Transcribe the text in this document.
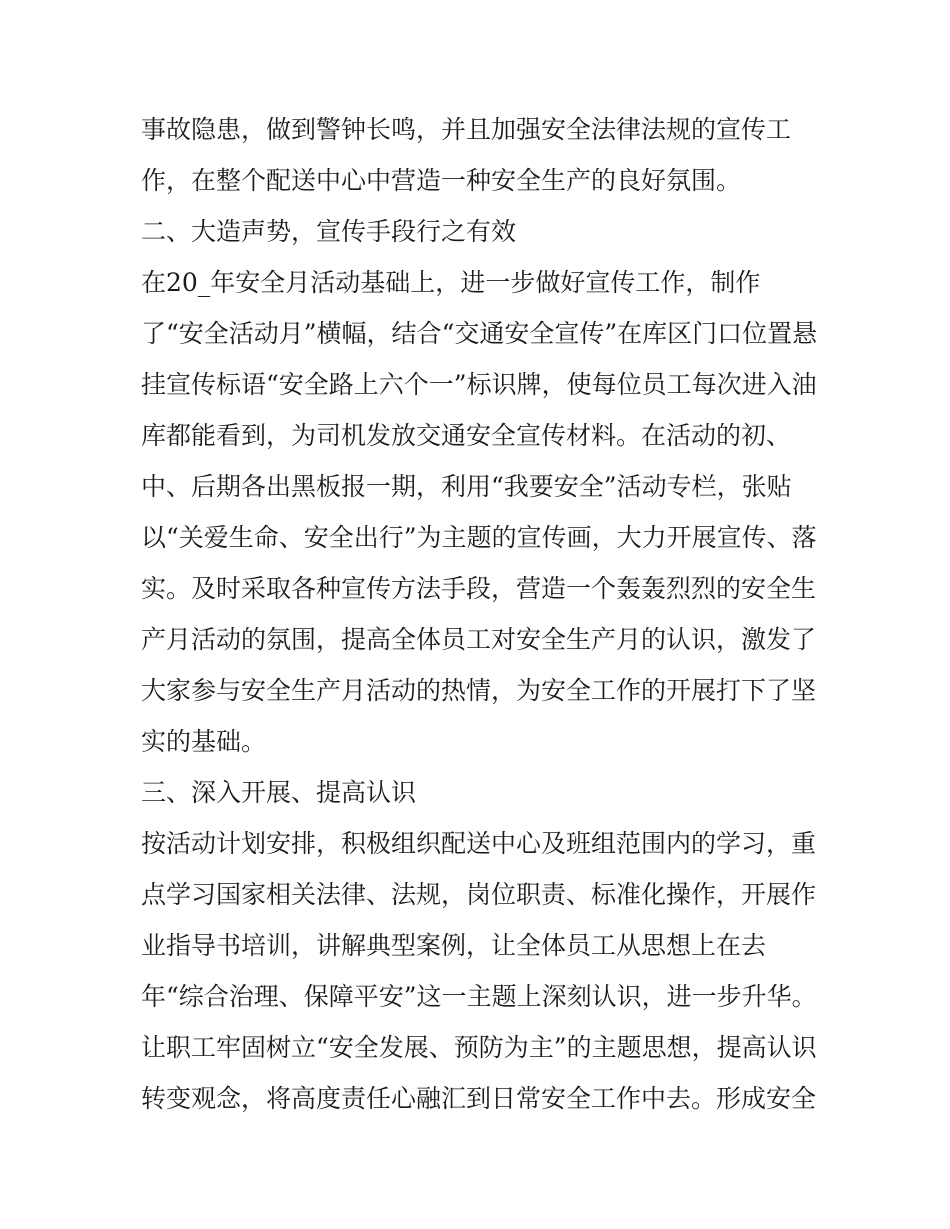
事故隐患，做到警钟长鸣，并且加强安全法律法规的宣传工
作，在整个配送中心中营造一种安全生产的良好氛围。
二、大造声势，宣传手段行之有效
在20_年安全月活动基础上，进一步做好宣传工作，制作
了“安全活动月”横幅，结合“交通安全宣传”在库区门口位置悬
挂宣传标语“安全路上六个一”标识牌，使每位员工每次进入油
库都能看到，为司机发放交通安全宣传材料。在活动的初、
中、后期各出黑板报一期，利用“我要安全”活动专栏，张贴
以“关爱生命、安全出行”为主题的宣传画，大力开展宣传、落
实。及时采取各种宣传方法手段，营造一个轰轰烈烈的安全生
产月活动的氛围，提高全体员工对安全生产月的认识，激发了
大家参与安全生产月活动的热情，为安全工作的开展打下了坚
实的基础。
三、深入开展、提高认识
按活动计划安排，积极组织配送中心及班组范围内的学习，重
点学习国家相关法律、法规，岗位职责、标准化操作，开展作
业指导书培训，讲解典型案例，让全体员工从思想上在去
年“综合治理、保障平安”这一主题上深刻认识，进一步升华。
让职工牢固树立“安全发展、预防为主”的主题思想，提高认识
转变观念，将高度责任心融汇到日常安全工作中去。形成安全
